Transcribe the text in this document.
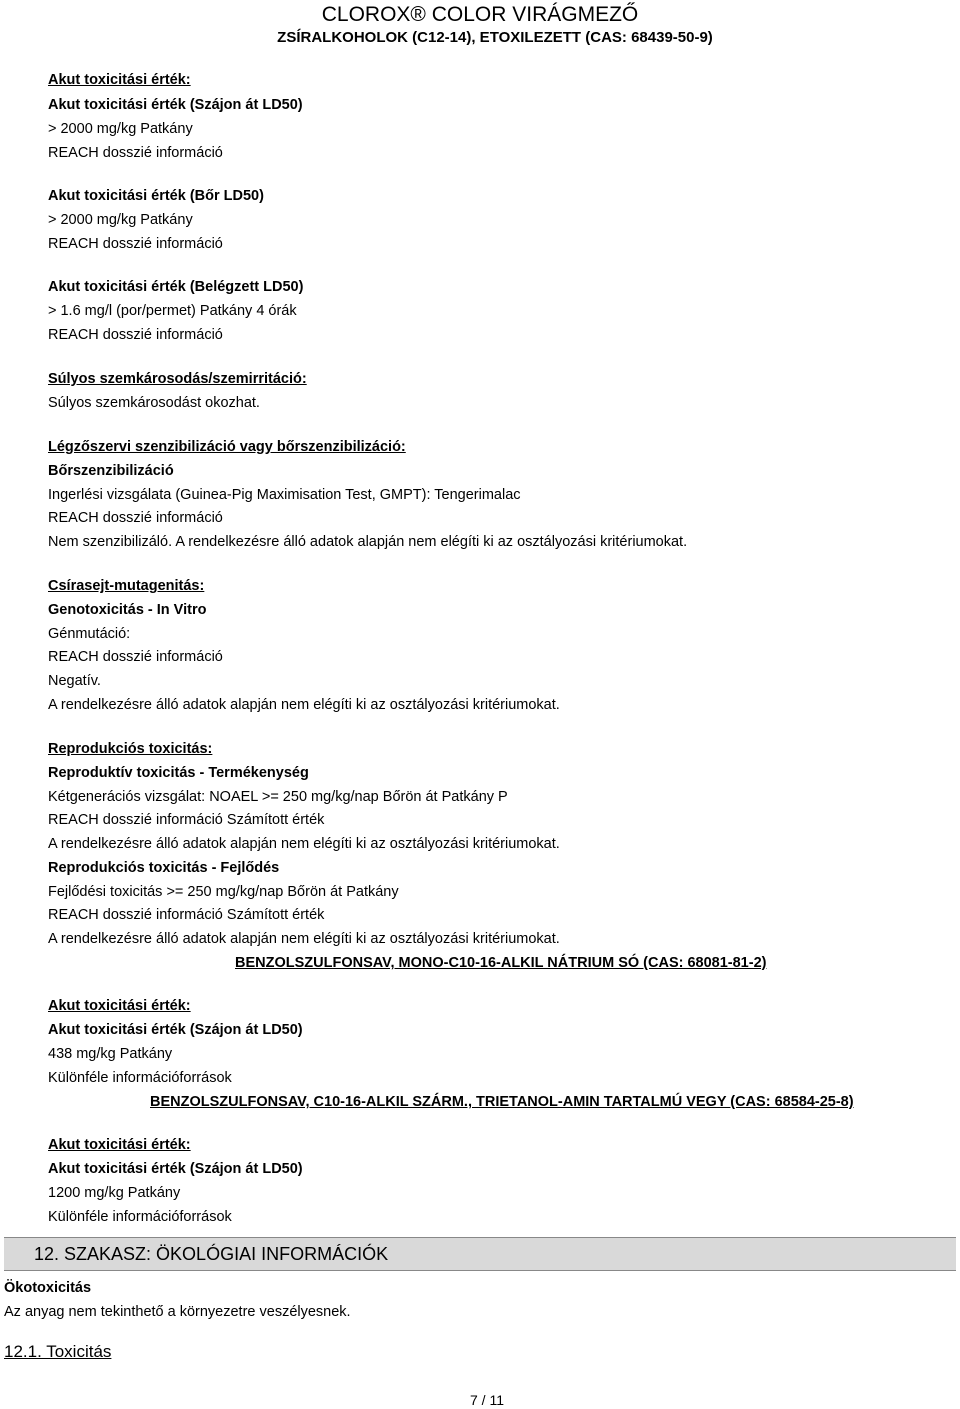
CLOROX® COLOR VIRÁGMEZŐ
ZSÍRALKOHOLOK (C12-14), ETOXILEZETT (CAS: 68439-50-9)
Akut toxicitási érték:
Akut toxicitási érték (Szájon át LD50)
> 2000 mg/kg Patkány
REACH dosszié információ
Akut toxicitási érték (Bőr LD50)
> 2000 mg/kg Patkány
REACH dosszié információ
Akut toxicitási érték (Belégzett LD50)
> 1.6 mg/l (por/permet) Patkány 4 órák
REACH dosszié információ
Súlyos szemkárosodás/szemirritáció:
Súlyos szemkárosodást okozhat.
Légzőszervi szenzibilizáció vagy bőrszenzibilizáció:
Bőrszenzibilizáció
Ingerlési vizsgálata (Guinea-Pig Maximisation Test, GMPT): Tengerimalac
REACH dosszié információ
Nem szenzibilizáló. A rendelkezésre álló adatok alapján nem elégíti ki az osztályozási kritériumokat.
Csírasejt-mutagenitás:
Genotoxicitás - In Vitro
Génmutáció:
REACH dosszié információ
Negatív.
A rendelkezésre álló adatok alapján nem elégíti ki az osztályozási kritériumokat.
Reprodukciós toxicitás:
Reproduktív toxicitás - Termékenység
Kétgenerációs vizsgálat: NOAEL >= 250 mg/kg/nap Bőrön át Patkány P
REACH dosszié információ Számított érték
A rendelkezésre álló adatok alapján nem elégíti ki az osztályozási kritériumokat.
Reprodukciós toxicitás - Fejlődés
Fejlődési toxicitás >= 250 mg/kg/nap Bőrön át Patkány
REACH dosszié információ Számított érték
A rendelkezésre álló adatok alapján nem elégíti ki az osztályozási kritériumokat.
BENZOLSZULFONSAV, MONO-C10-16-ALKIL NÁTRIUM SÓ (CAS: 68081-81-2)
Akut toxicitási érték:
Akut toxicitási érték (Szájon át LD50)
438 mg/kg Patkány
Különféle információforrások
BENZOLSZULFONSAV, C10-16-ALKIL SZÁRM., TRIETANOL-AMIN TARTALMÚ VEGY (CAS: 68584-25-8)
Akut toxicitási érték:
Akut toxicitási érték (Szájon át LD50)
1200 mg/kg Patkány
Különféle információforrások
12. SZAKASZ: ÖKOLÓGIAI INFORMÁCIÓK
Ökotoxicitás
Az anyag nem tekinthető a környezetre veszélyesnek.
12.1. Toxicitás
7 / 11
